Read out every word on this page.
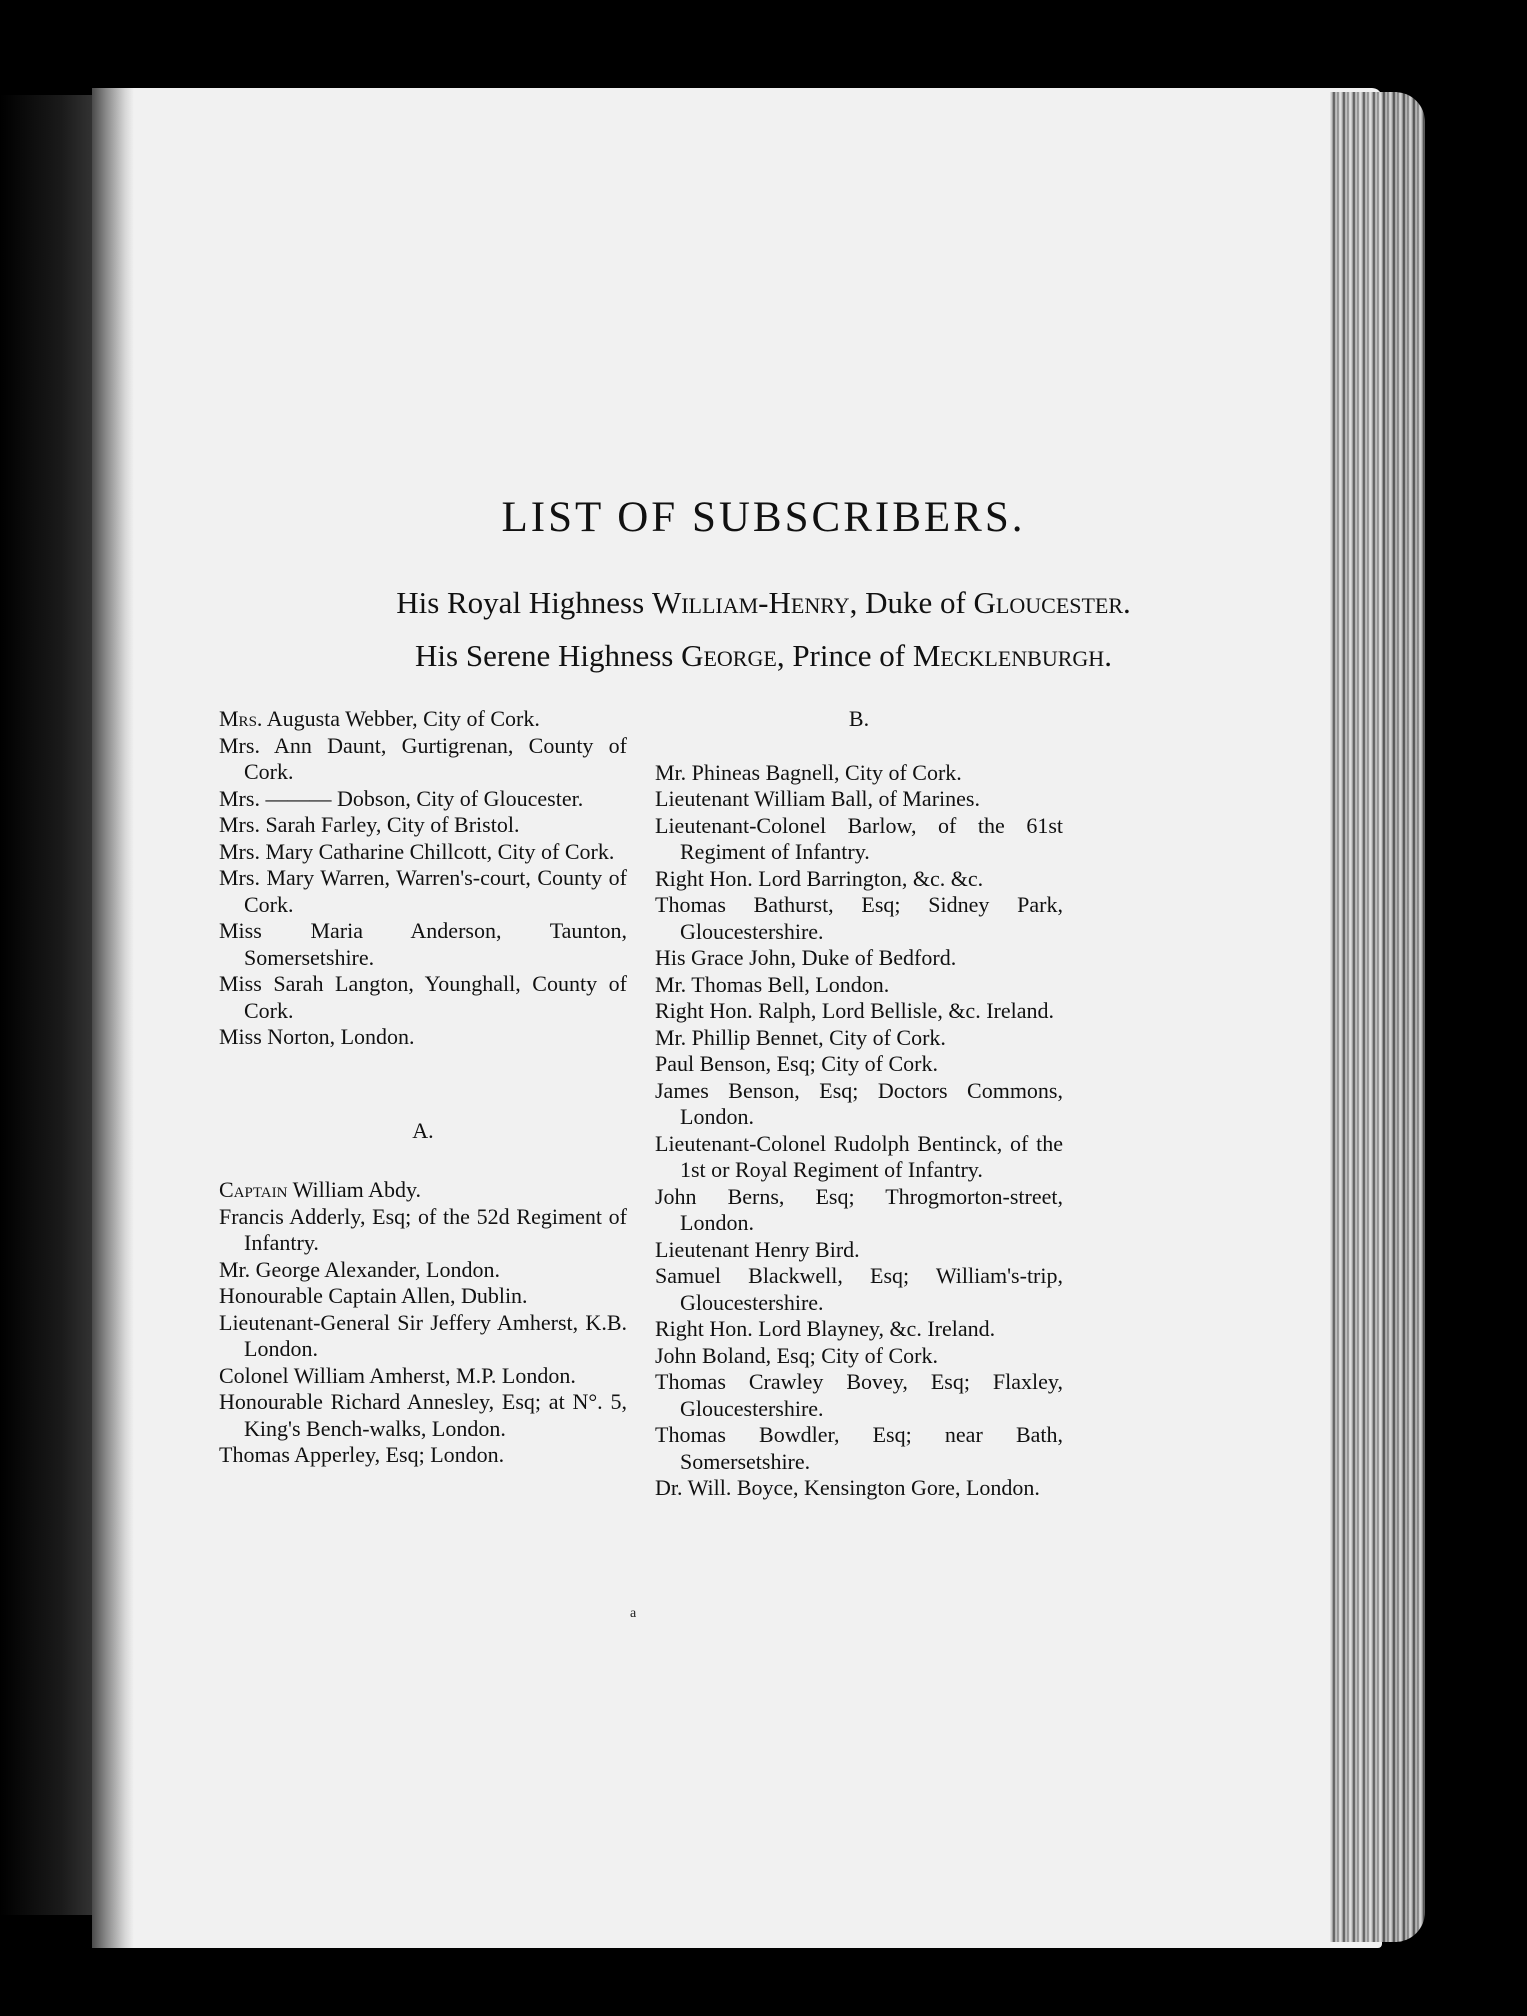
LIST OF SUBSCRIBERS.
His Royal Highness William-Henry, Duke of Gloucester.
His Serene Highness George, Prince of Mecklenburgh.

Mrs. Augusta Webber, City of Cork.

Mrs. Ann Daunt, Gurtigrenan, County of Cork.

Mrs. ——— Dobson, City of Gloucester.

Mrs. Sarah Farley, City of Bristol.

Mrs. Mary Catharine Chillcott, City of Cork.

Mrs. Mary Warren, Warren's-court, County of Cork.

Miss Maria Anderson, Taunton, Somersetshire.

Miss Sarah Langton, Younghall, County of Cork.

Miss Norton, London.

A.

Captain William Abdy.

Francis Adderly, Esq; of the 52d Regiment of Infantry.

Mr. George Alexander, London.

Honourable Captain Allen, Dublin.

Lieutenant-General Sir Jeffery Amherst, K.B. London.

Colonel William Amherst, M.P. London.

Honourable Richard Annesley, Esq; at N°. 5, King's Bench-walks, London.

Thomas Apperley, Esq; London.

B.

Mr. Phineas Bagnell, City of Cork.

Lieutenant William Ball, of Marines.

Lieutenant-Colonel Barlow, of the 61st Regiment of Infantry.

Right Hon. Lord Barrington, &c. &c.

Thomas Bathurst, Esq; Sidney Park, Gloucestershire.

His Grace John, Duke of Bedford.

Mr. Thomas Bell, London.

Right Hon. Ralph, Lord Bellisle, &c. Ireland.

Mr. Phillip Bennet, City of Cork.

Paul Benson, Esq; City of Cork.

James Benson, Esq; Doctors Commons, London.

Lieutenant-Colonel Rudolph Bentinck, of the 1st or Royal Regiment of Infantry.

John Berns, Esq; Throgmorton-street, London.

Lieutenant Henry Bird.

Samuel Blackwell, Esq; William's-trip, Gloucestershire.

Right Hon. Lord Blayney, &c. Ireland.

John Boland, Esq; City of Cork.

Thomas Crawley Bovey, Esq; Flaxley, Gloucestershire.

Thomas Bowdler, Esq; near Bath, Somersetshire.

Dr. Will. Boyce, Kensington Gore, London.

a
